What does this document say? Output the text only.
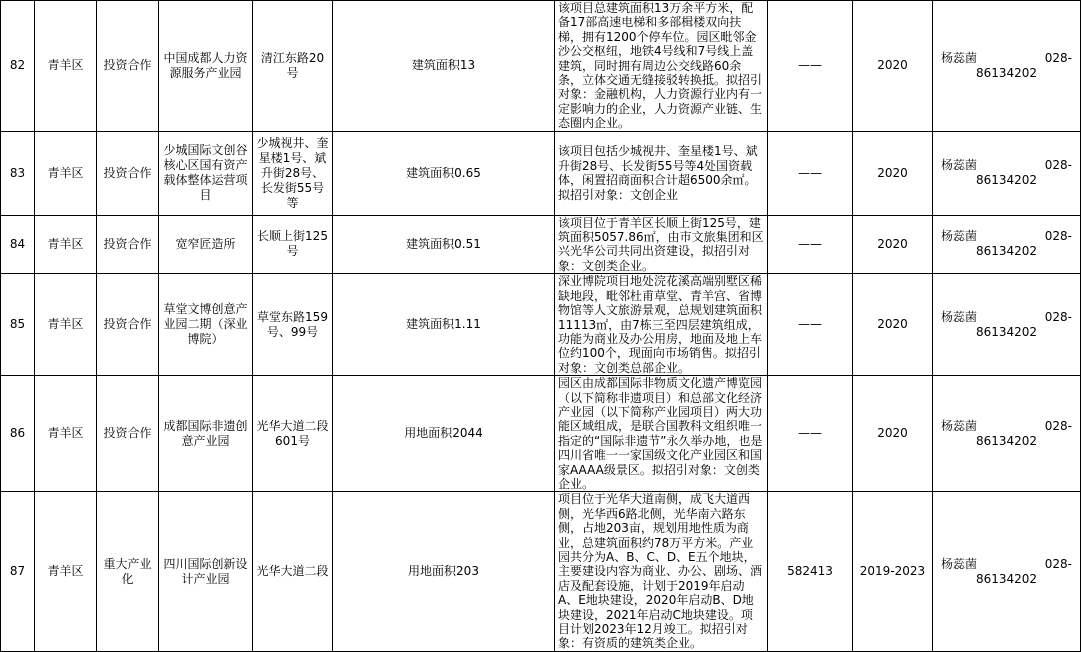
82	青羊区	投资合作	中国成都人力资源服务产业园	清江东路20号	建筑面积13	该项目总建筑面积13万余平方米，配备17部高速电梯和多部楫楼双向扶梯，拥有1200个停车位。园区毗邻金沙公交枢纽，地铁4号线和7号线上盖建筑，同时拥有周边公交线路60余条，立体交通无缝接驳转换抵。拟招引对象：金融机构，人力资源行业内有一定影响力的企业，人力资源产业链、生态圈内企业。	——	2020	杨蕊菌 028-
86134202

83	青羊区	投资合作	少城国际文创谷核心区国有资产载体整体运营项目	少城视井、奎星楼1号、斌升街28号、长发街55号等	建筑面积0.65	该项目包括少城视井、奎星楼1号、斌升街28号、长发街55号等4处国资载体，闲置招商面积合计超6500余㎡。拟招引对象：文创企业	——	2020	杨蕊菌 028-
86134202

84	青羊区	投资合作	宽窄匠造所	长顺上街125号	建筑面积0.51	该项目位于青羊区长顺上街125号，建筑面积5057.86㎡，由市文旅集团和区兴光华公司共同出资建设，拟招引对象：文创类企业。	——	2020	杨蕊菌 028-
86134202

85	青羊区	投资合作	草堂文博创意产业园二期（深业博院）	草堂东路159号、99号	建筑面积1.11	深业博院项目地处浣花溪高端别墅区稀缺地段，毗邻杜甫草堂、青羊宫、省博物馆等人文旅游景观，总规划建筑面积11113㎡，由7栋三至四层建筑组成，功能为商业及办公用房，地面及地上车位约100个，现面向市场销售。拟招引对象：文创类总部企业。	——	2020	杨蕊菌 028-
86134202

86	青羊区	投资合作	成都国际非遗创意产业园	光华大道二段601号	用地面积2044	园区由成都国际非物质文化遗产博览园（以下简称非遗项目）和总部文化经济产业园（以下简称产业园项目）两大功能区域组成，是联合国教科文组织唯一指定的“国际非遗节”永久举办地，也是四川省唯一一家国级文化产业园区和国家AAAA级景区。拟招引对象：文创类企业。	——	2020	杨蕊菌 028-
86134202

87	青羊区	重大产业化	四川国际创新设计产业园	光华大道二段	用地面积203	项目位于光华大道南侧，成飞大道西侧，光华西6路北侧，光华南六路东侧，占地203亩，规划用地性质为商业，总建筑面积约78万平方米。产业园共分为A、B、C、D、E五个地块，主要建设内容为商业、办公、剧场、酒店及配套设施，计划于2019年启动A、E地块建设，2020年启动B、D地块建设，2021年启动C地块建设。项目计划2023年12月竣工。拟招引对象：有资质的建筑类企业。	582413	2019-2023	杨蕊菌 028-
86134202
